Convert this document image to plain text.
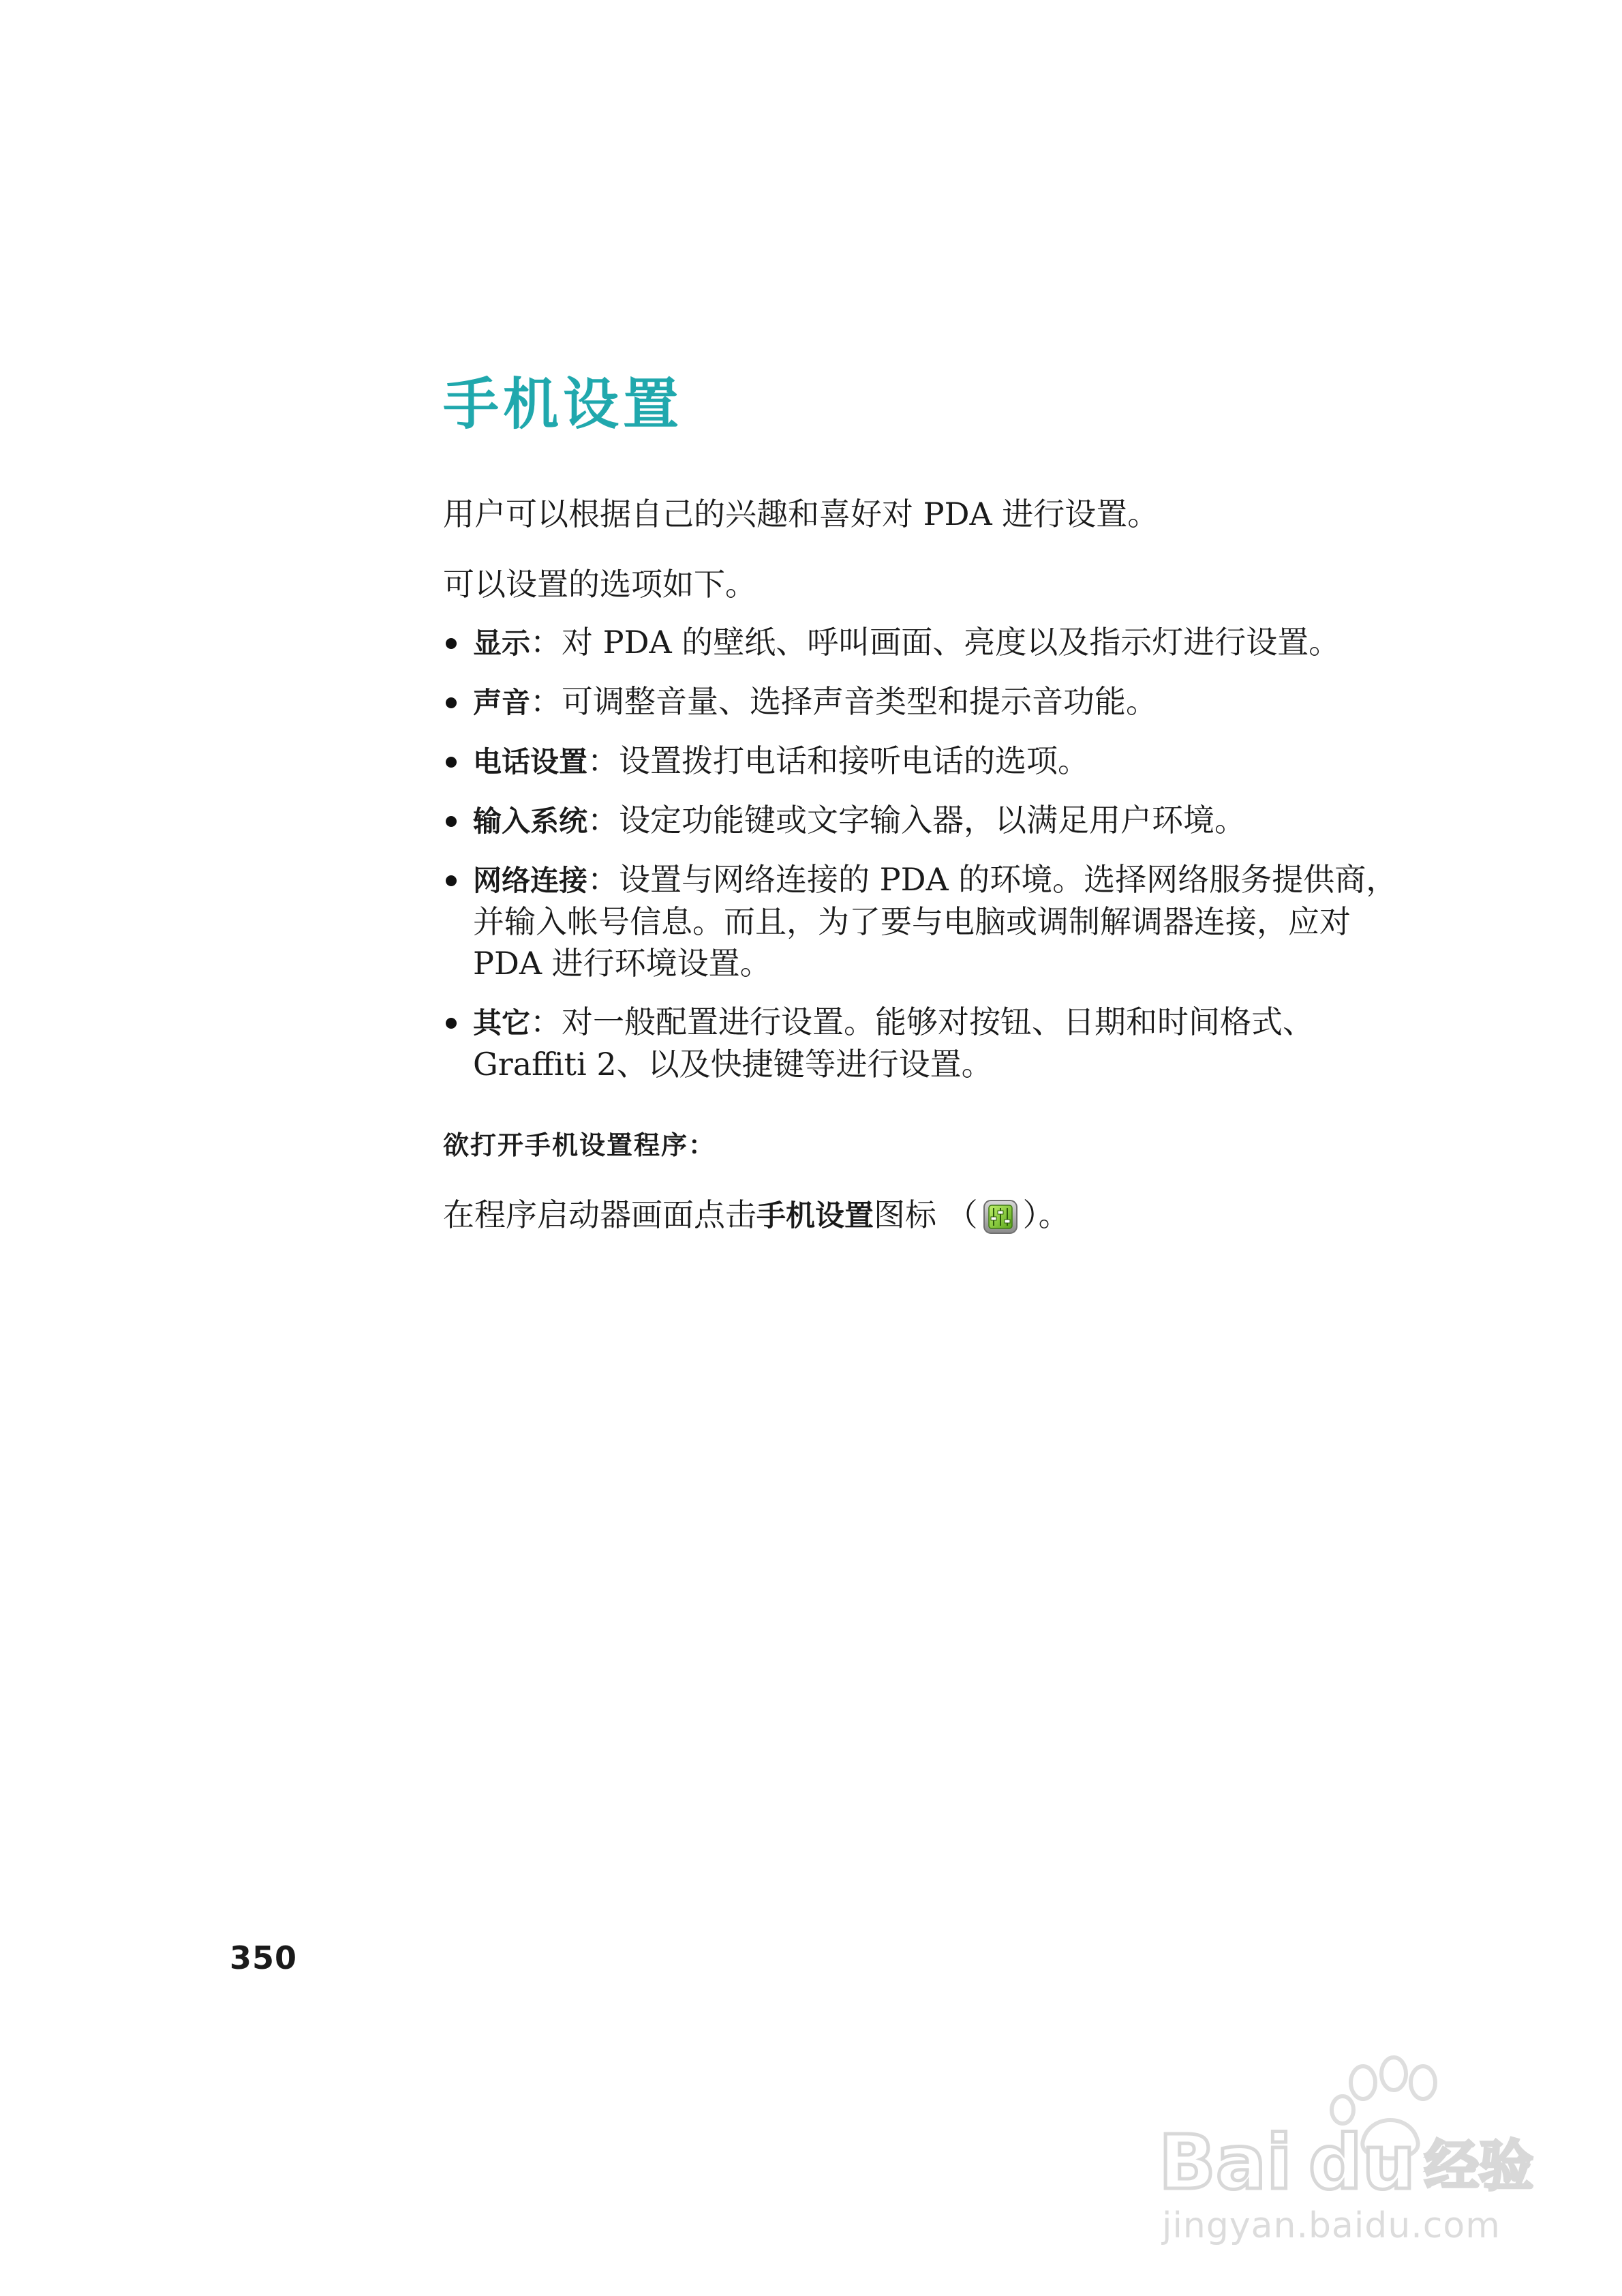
手机设置
用户可以根据自己的兴趣和喜好对 PDA 进行设置。
可以设置的选项如下。
显示：对 PDA 的壁纸、呼叫画面、亮度以及指示灯进行设置。
声音：可调整音量、选择声音类型和提示音功能。
电话设置：设置拨打电话和接听电话的选项。
输入系统：设定功能键或文字输入器，以满足用户环境。
网络连接：设置与网络连接的 PDA 的环境。选择网络服务提供商，并输入帐号信息。而且，为了要与电脑或调制解调器连接，应对 PDA 进行环境设置。
其它：对一般配置进行设置。能够对按钮、日期和时间格式、Graffiti 2、以及快捷键等进行设置。
欲打开手机设置程序：
在程序启动器画面点击手机设置图标 （ ）。
350
Bai du 经验
jingyan.baidu.com
